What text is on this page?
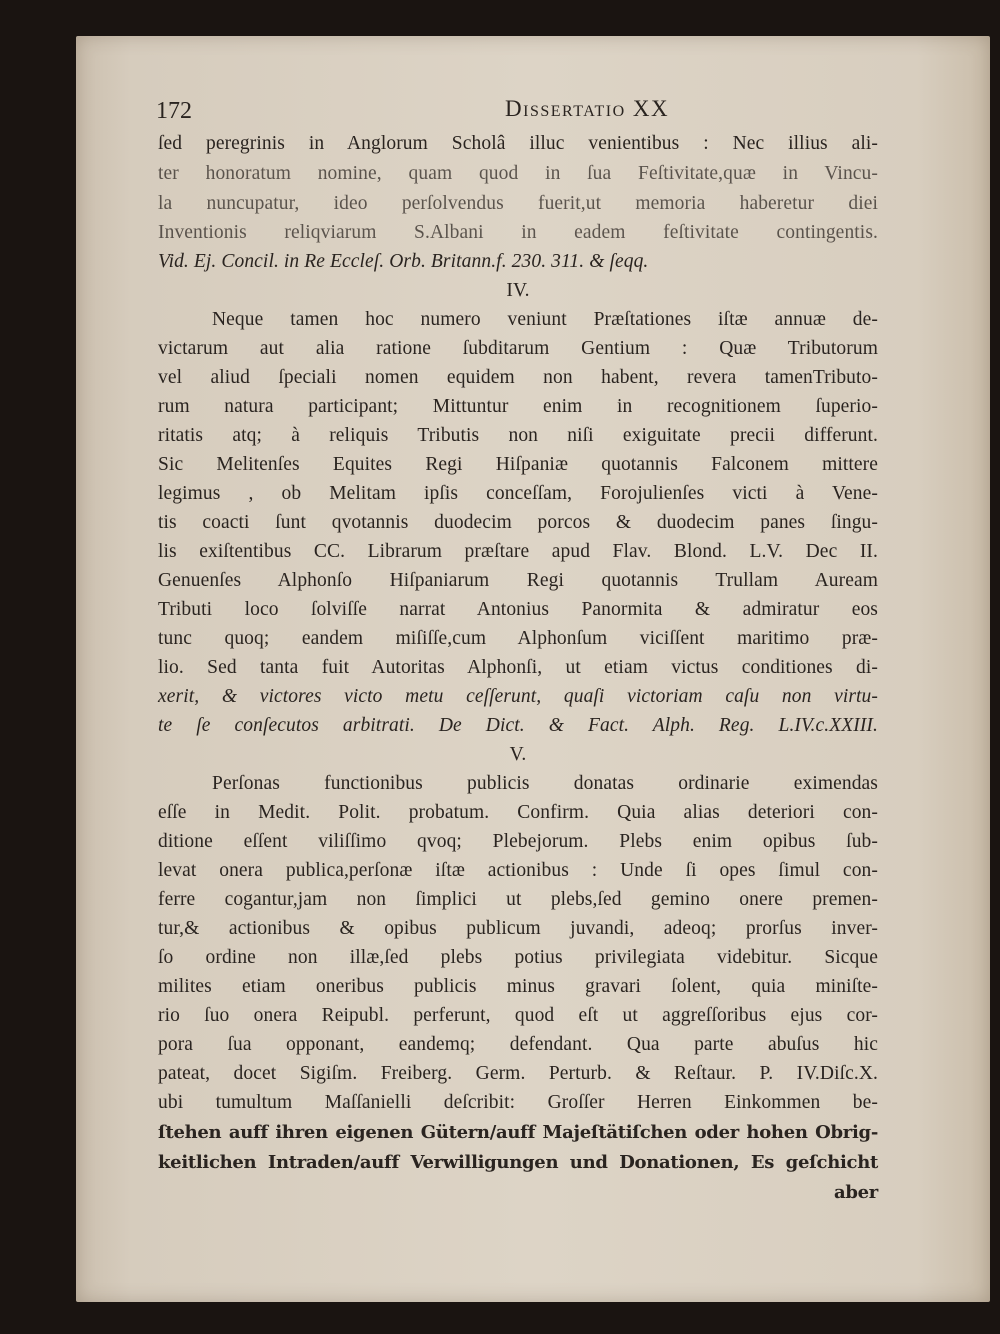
172	Dissertatio XX
ſed peregrinis in Anglorum Scholâ illuc venientibus : Nec illius ali-
ter honoratum nomine, quam quod in ſua Feſtivitate,quæ in Vincu-
la nuncupatur, ideo perſolvendus fuerit,ut memoria haberetur diei
Inventionis reliqviarum S.Albani in eadem feſtivitate contingentis.
Vid. Ej. Concil. in Re Eccleſ. Orb. Britann.f. 230. 311. & ſeqq.
IV.
Neque tamen hoc numero veniunt Præſtationes iſtæ annuæ de-
victarum aut alia ratione ſubditarum Gentium : Quæ Tributorum
vel aliud ſpeciali nomen equidem non habent, revera tamenTributo-
rum natura participant; Mittuntur enim in recognitionem ſuperio-
ritatis atq; à reliquis Tributis non niſi exiguitate precii differunt.
Sic Melitenſes Equites Regi Hiſpaniæ quotannis Falconem mittere
legimus , ob Melitam ipſis conceſſam, Forojulienſes victi à Vene-
tis coacti ſunt qvotannis duodecim porcos & duodecim panes ſingu-
lis exiſtentibus CC. Librarum præſtare apud Flav. Blond. L.V. Dec II.
Genuenſes Alphonſo Hiſpaniarum Regi quotannis Trullam Auream
Tributi loco ſolviſſe narrat Antonius Panormita & admiratur eos
tunc quoq; eandem miſiſſe,cum Alphonſum viciſſent maritimo præ-
lio. Sed tanta fuit Autoritas Alphonſi, ut etiam victus conditiones di-
xerit, & victores victo metu ceſſerunt, quaſi victoriam caſu non virtu-
te ſe conſecutos arbitrati. De Dict. & Fact. Alph. Reg. L.IV.c.XXIII.
V.
Perſonas functionibus publicis donatas ordinarie eximendas
eſſe in Medit. Polit. probatum. Confirm. Quia alias deteriori con-
ditione eſſent viliſſimo qvoq; Plebejorum. Plebs enim opibus ſub-
levat onera publica,perſonæ iſtæ actionibus : Unde ſi opes ſimul con-
ferre cogantur,jam non ſimplici ut plebs,ſed gemino onere premen-
tur,& actionibus & opibus publicum juvandi, adeoq; prorſus inver-
ſo ordine non illæ,ſed plebs potius privilegiata videbitur. Sicque
milites etiam oneribus publicis minus gravari ſolent, quia miniſte-
rio ſuo onera Reipubl. perferunt, quod eſt ut aggreſſoribus ejus cor-
pora ſua opponant, eandemq; defendant. Qua parte abuſus hic
pateat, docet Sigiſm. Freiberg. Germ. Perturb. & Reſtaur. P. IV.Diſc.X.
ubi tumultum Maſſanielli deſcribit: Groſſer Herren Einkommen be-
ſtehen auff ihren eigenen Gütern/auff Majeſtätiſchen oder hohen Obrig-
keitlichen Intraden/auff Verwilligungen und Donationen, Es geſchicht
aber
